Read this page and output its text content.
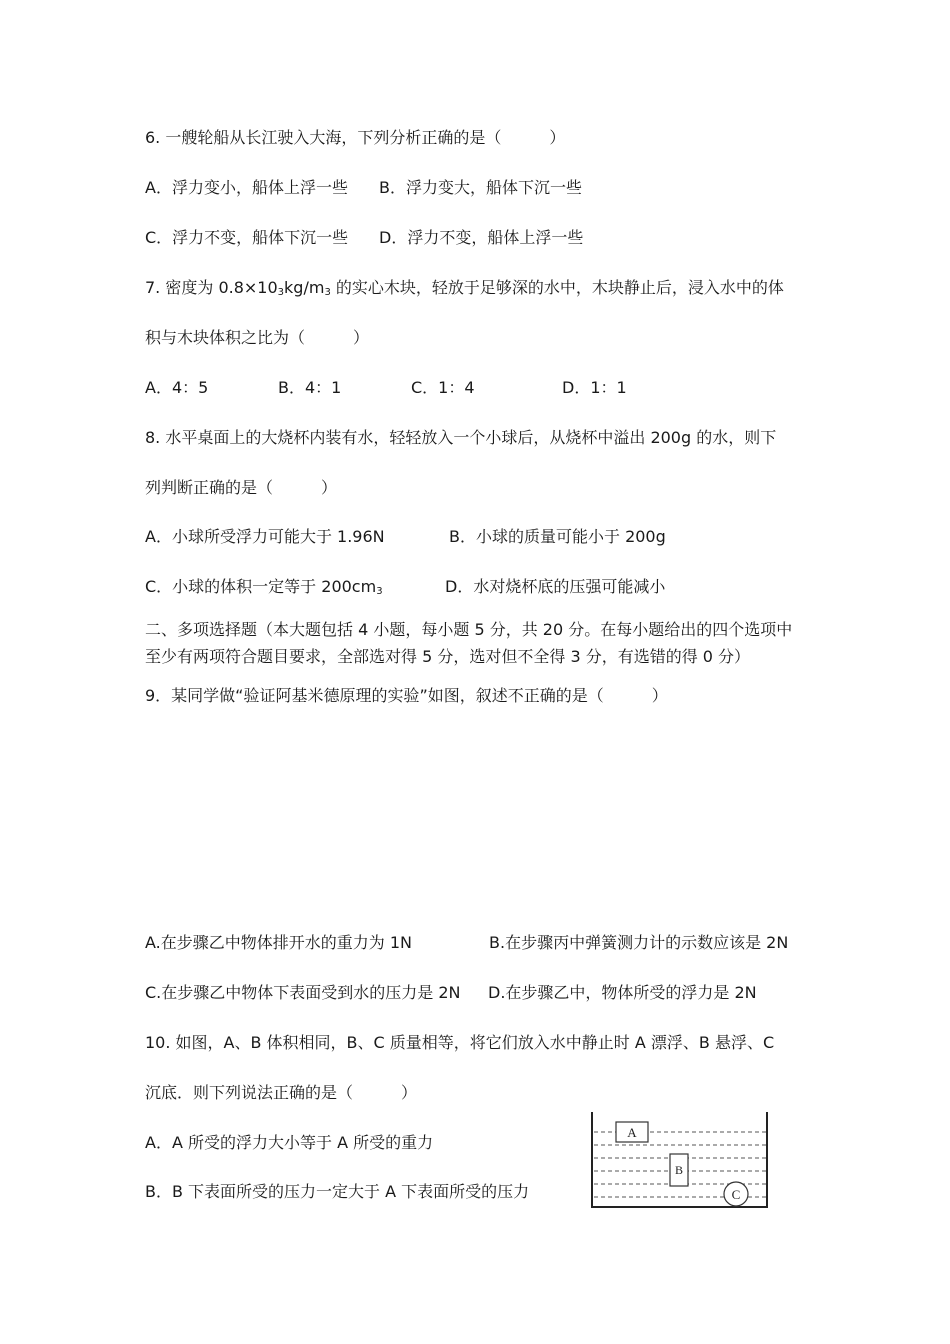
6. 一艘轮船从长江驶入大海，下列分析正确的是（　　　）
A．浮力变小，船体上浮一些 B．浮力变大，船体下沉一些
C．浮力不变，船体下沉一些 D．浮力不变，船体上浮一些
7. 密度为 $0.8\times 10_3kg/m_3$ 的实心木块，轻放于足够深的水中，木块静止后，浸入水中的体
积与木块体积之比为（　　　）
A．4：5	B．4：1	C．1：4	D．1：1
8. 水平桌面上的大烧杯内装有水，轻轻放入一个小球后，从烧杯中溢出 200g 的水，则下
列判断正确的是（　　　）
A．小球所受浮力可能大于 1.96N	B．小球的质量可能小于 200g
C．小球的体积一定等于 $200cm_3$	D．水对烧杯底的压强可能减小
二、多项选择题（本大题包括 4 小题，每小题 5 分，共 20 分。在每小题给出的四个选项中
至少有两项符合题目要求，全部选对得 5 分，选对但不全得 3 分，有选错的得 0 分）
9．某同学做“验证阿基米德原理的实验”如图，叙述不正确的是（　　　）
A.在步骤乙中物体排开水的重力为 1N	B.在步骤丙中弹簧测力计的示数应该是 2N
C.在步骤乙中物体下表面受到水的压力是 2N D.在步骤乙中，物体所受的浮力是 2N
10. 如图，A、B 体积相同，B、C 质量相等，将它们放入水中静止时 A 漂浮、B 悬浮、C
沉底．则下列说法正确的是（　　　）
A．A 所受的浮力大小等于 A 所受的重力
B．B 下表面所受的压力一定大于 A 下表面所受的压力
A
B
C
